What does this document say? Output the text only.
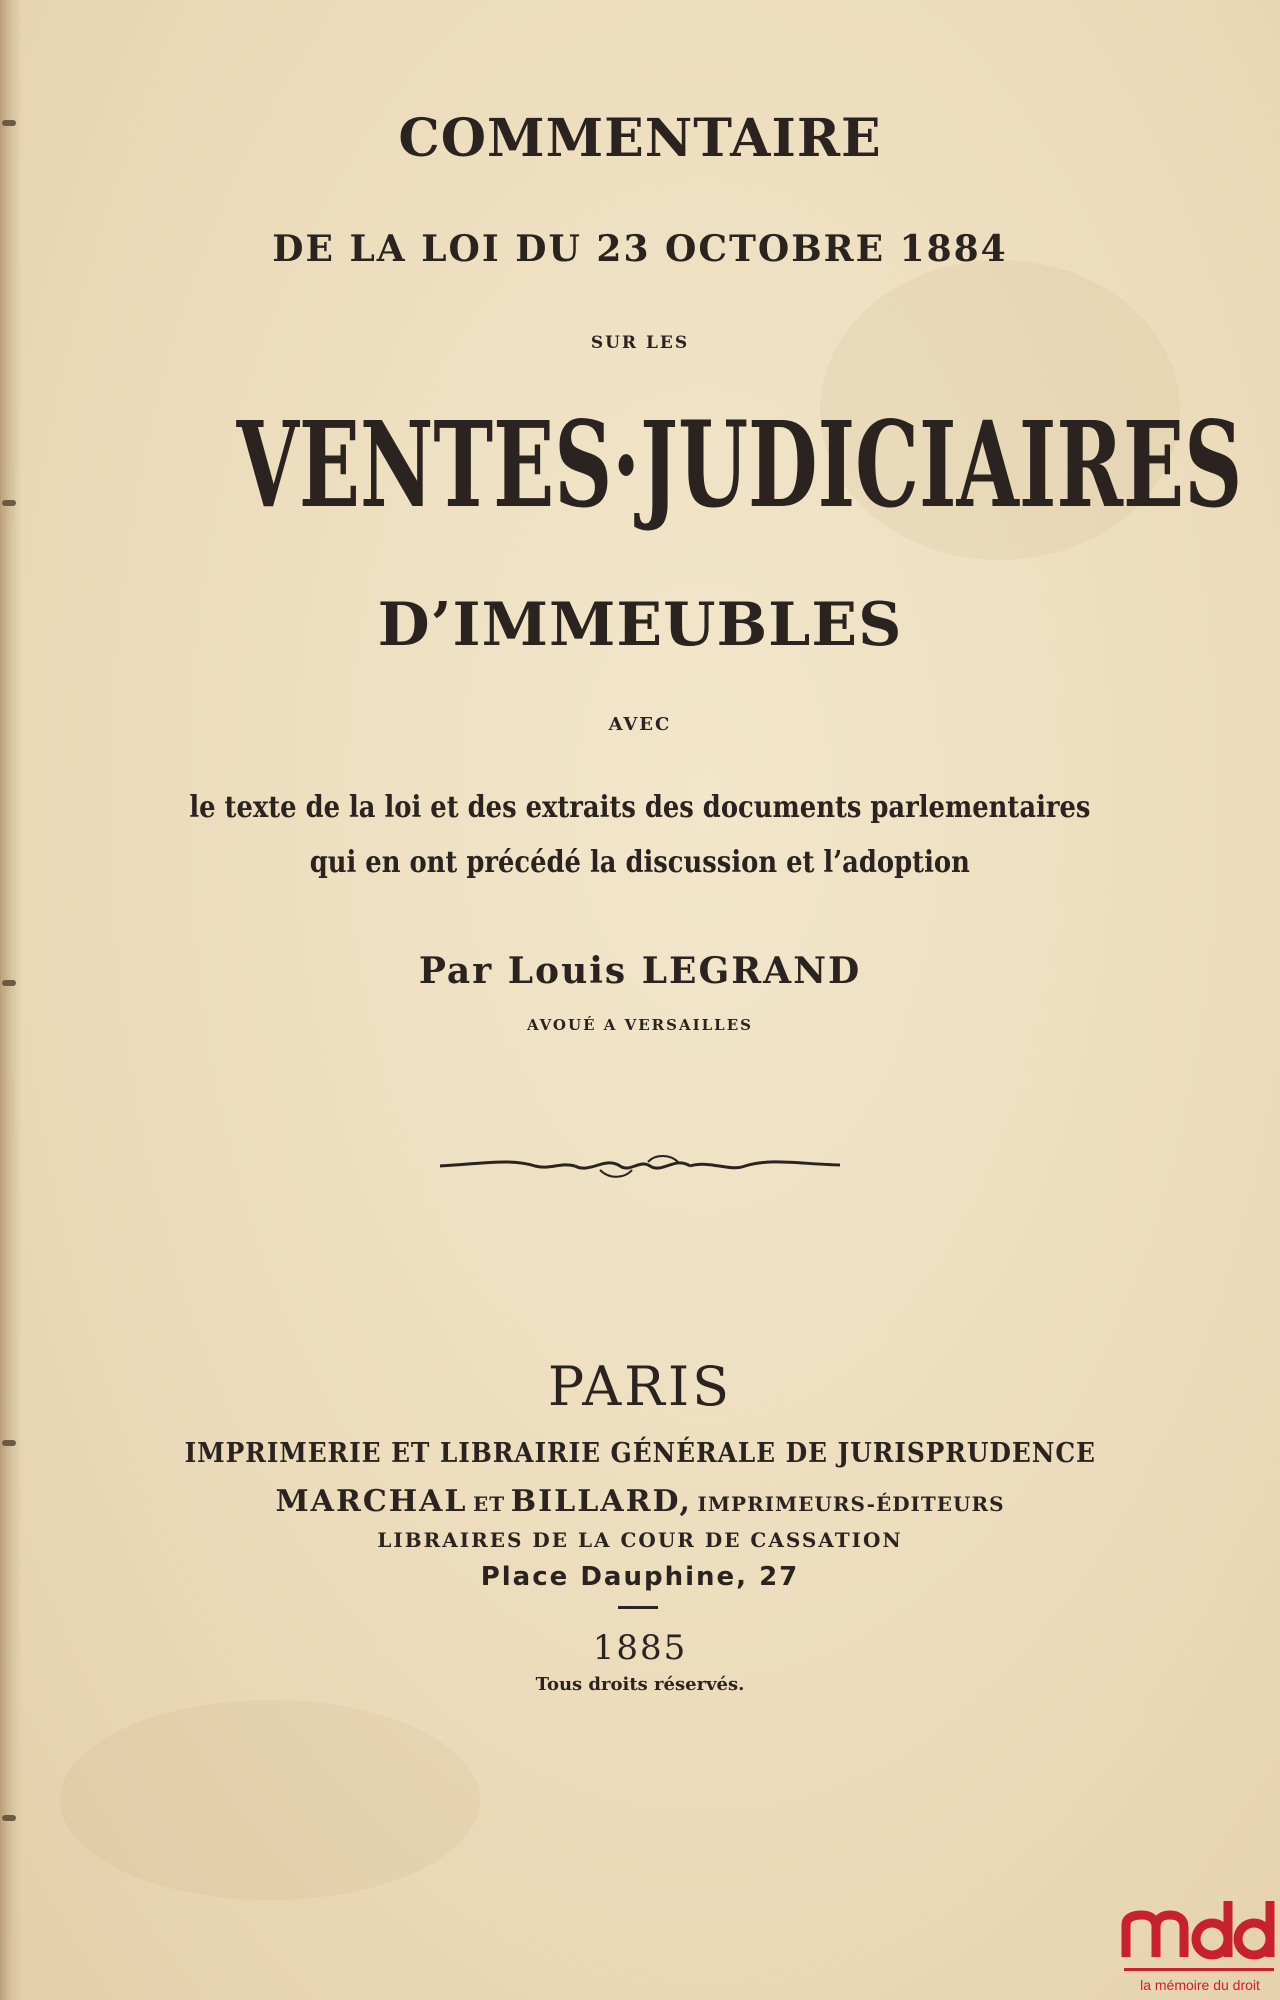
COMMENTAIRE
DE LA LOI DU 23 OCTOBRE 1884
SUR LES
VENTES·JUDICIAIRES
D’IMMEUBLES
AVEC
le texte de la loi et des extraits des documents parlementaires
qui en ont précédé la discussion et l’adoption
Par Louis LEGRAND
AVOUÉ A VERSAILLES
PARIS
IMPRIMERIE ET LIBRAIRIE GÉNÉRALE DE JURISPRUDENCE
MARCHAL ET BILLARD, IMPRIMEURS-ÉDITEURS
LIBRAIRES DE LA COUR DE CASSATION
Place Dauphine, 27
1885
Tous droits réservés.
la mémoire du droit
